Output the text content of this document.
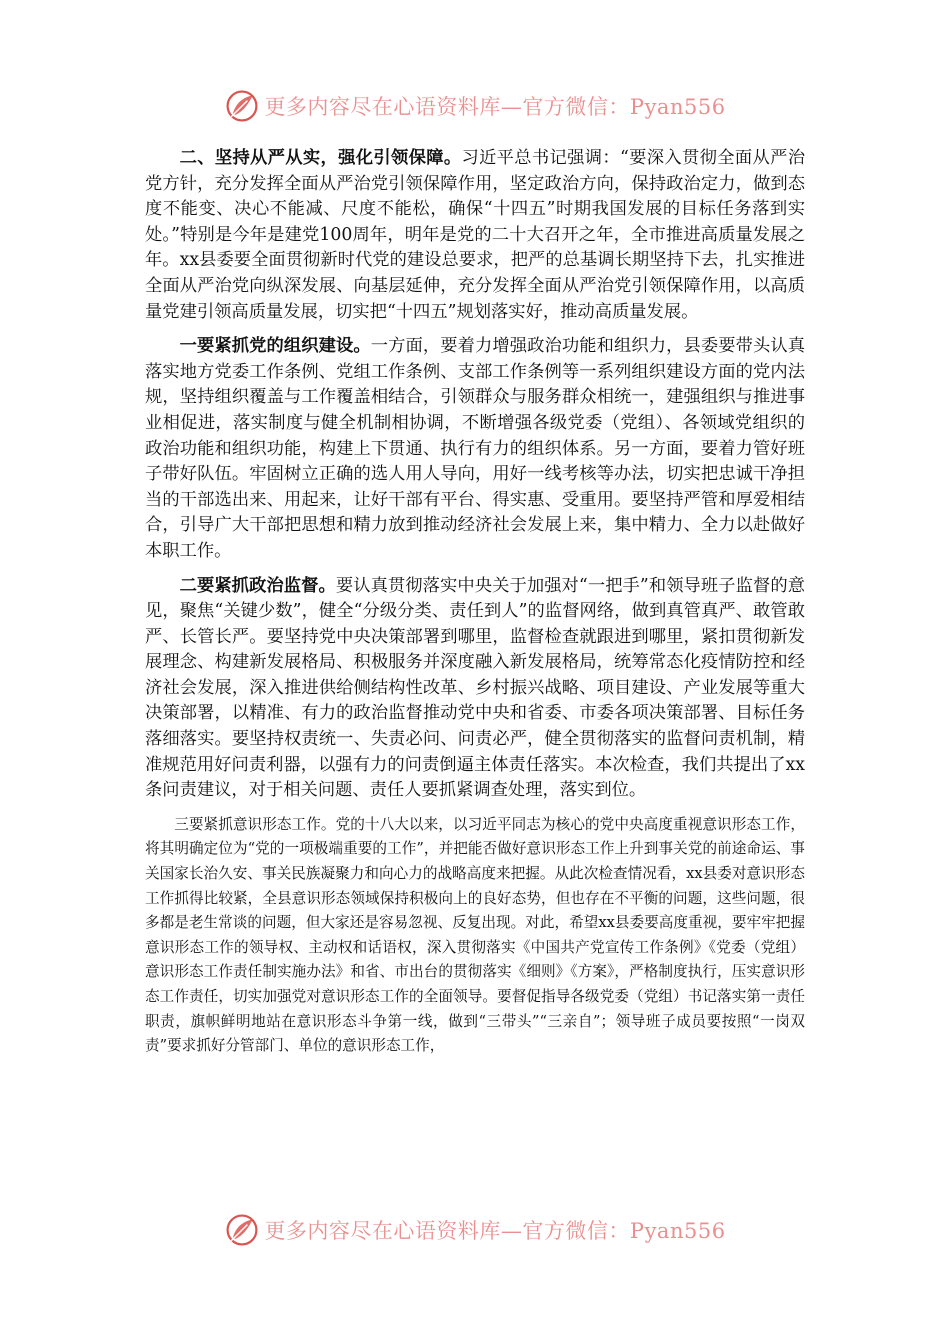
更多内容尽在心语资料库—官方微信：Pyan556

二、坚持从严从实，强化引领保障。习近平总书记强调：“要深入贯彻全面从严治党方针，充分发挥全面从严治党引领保障作用，坚定政治方向，保持政治定力，做到态度不能变、决心不能减、尺度不能松，确保“十四五”时期我国发展的目标任务落到实处。”特别是今年是建党100周年，明年是党的二十大召开之年，全市推进高质量发展之年。xx县委要全面贯彻新时代党的建设总要求，把严的总基调长期坚持下去，扎实推进全面从严治党向纵深发展、向基层延伸，充分发挥全面从严治党引领保障作用，以高质量党建引领高质量发展，切实把“十四五”规划落实好，推动高质量发展。

一要紧抓党的组织建设。一方面，要着力增强政治功能和组织力，县委要带头认真落实地方党委工作条例、党组工作条例、支部工作条例等一系列组织建设方面的党内法规，坚持组织覆盖与工作覆盖相结合，引领群众与服务群众相统一，建强组织与推进事业相促进，落实制度与健全机制相协调，不断增强各级党委（党组）、各领域党组织的政治功能和组织功能，构建上下贯通、执行有力的组织体系。另一方面，要着力管好班子带好队伍。牢固树立正确的选人用人导向，用好一线考核等办法，切实把忠诚干净担当的干部选出来、用起来，让好干部有平台、得实惠、受重用。要坚持严管和厚爱相结合，引导广大干部把思想和精力放到推动经济社会发展上来，集中精力、全力以赴做好本职工作。

二要紧抓政治监督。要认真贯彻落实中央关于加强对“一把手”和领导班子监督的意见，聚焦“关键少数”，健全“分级分类、责任到人”的监督网络，做到真管真严、敢管敢严、长管长严。要坚持党中央决策部署到哪里，监督检查就跟进到哪里，紧扣贯彻新发展理念、构建新发展格局、积极服务并深度融入新发展格局，统筹常态化疫情防控和经济社会发展，深入推进供给侧结构性改革、乡村振兴战略、项目建设、产业发展等重大决策部署，以精准、有力的政治监督推动党中央和省委、市委各项决策部署、目标任务落细落实。要坚持权责统一、失责必问、问责必严，健全贯彻落实的监督问责机制，精准规范用好问责利器，以强有力的问责倒逼主体责任落实。本次检查，我们共提出了xx条问责建议，对于相关问题、责任人要抓紧调查处理，落实到位。

三要紧抓意识形态工作。党的十八大以来，以习近平同志为核心的党中央高度重视意识形态工作，将其明确定位为“党的一项极端重要的工作”，并把能否做好意识形态工作上升到事关党的前途命运、事关国家长治久安、事关民族凝聚力和向心力的战略高度来把握。从此次检查情况看，xx县委对意识形态工作抓得比较紧，全县意识形态领域保持积极向上的良好态势，但也存在不平衡的问题，这些问题，很多都是老生常谈的问题，但大家还是容易忽视、反复出现。对此，希望xx县委要高度重视，要牢牢把握意识形态工作的领导权、主动权和话语权，深入贯彻落实《中国共产党宣传工作条例》《党委（党组）意识形态工作责任制实施办法》和省、市出台的贯彻落实《细则》《方案》，严格制度执行，压实意识形态工作责任，切实加强党对意识形态工作的全面领导。要督促指导各级党委（党组）书记落实第一责任职责，旗帜鲜明地站在意识形态斗争第一线，做到“三带头”“三亲自”；领导班子成员要按照“一岗双责”要求抓好分管部门、单位的意识形态工作，

更多内容尽在心语资料库—官方微信：Pyan556
